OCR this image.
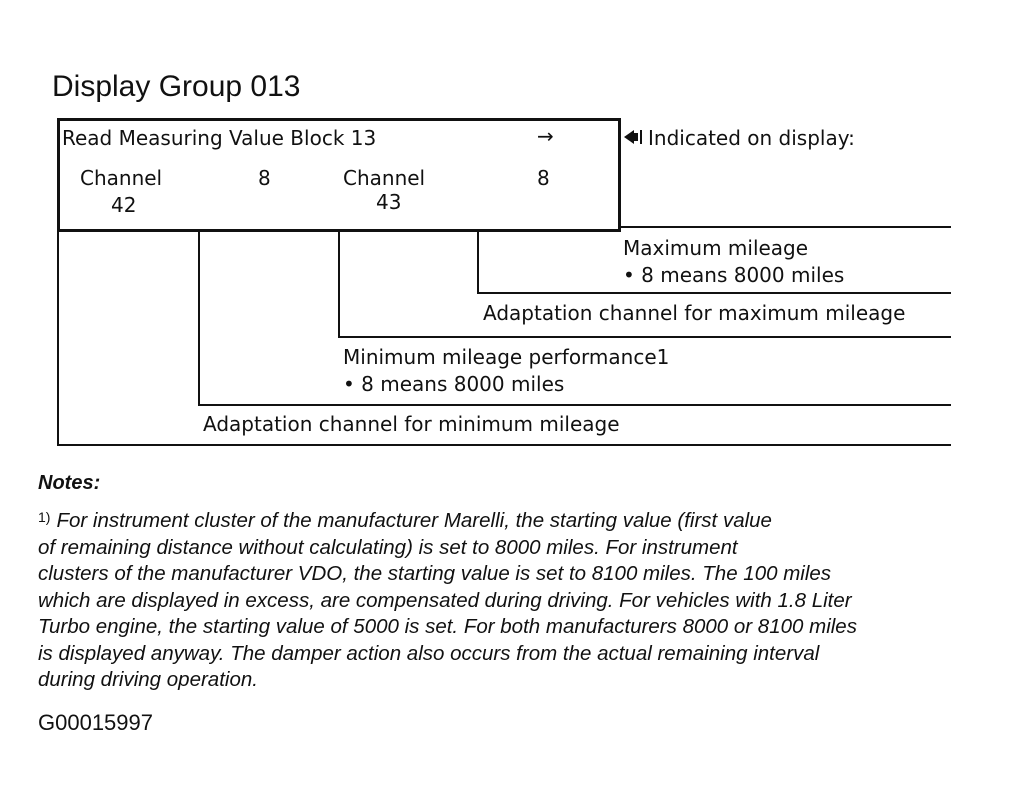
Display Group 013
Read Measuring Value Block 13	→
Channel
42
8	Channel
43
8
Indicated on display:
Maximum mileage
• 8 means 8000 miles
Adaptation channel for maximum mileage
Minimum mileage performance1
• 8 means 8000 miles
Adaptation channel for minimum mileage
Notes:
$^{1)}$ For instrument cluster of the manufacturer Marelli, the starting value (first value
of remaining distance without calculating) is set to 8000 miles. For instrument
clusters of the manufacturer VDO, the starting value is set to 8100 miles. The 100 miles
which are displayed in excess, are compensated during driving. For vehicles with 1.8 Liter
Turbo engine, the starting value of 5000 is set. For both manufacturers 8000 or 8100 miles
is displayed anyway. The damper action also occurs from the actual remaining interval
during driving operation.
G00015997
